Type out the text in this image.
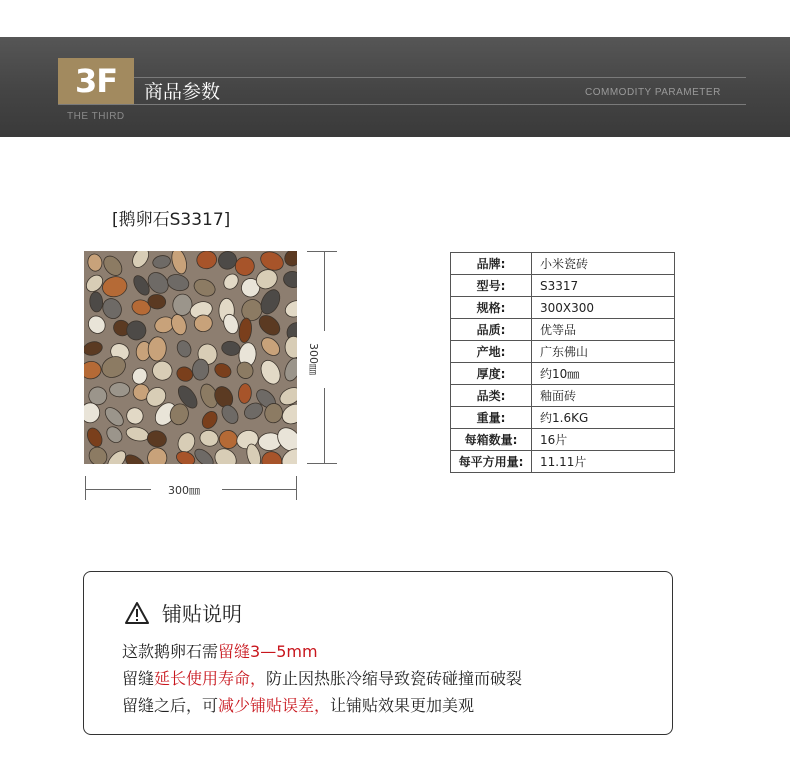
3F	商品参数	COMMODITY PARAMETER
THE THIRD
[鹅卵石S3317]
300㎜
300㎜
品牌:	小米瓷砖
型号:	S3317
规格:	300X300
品质:	优等品
产地:	广东佛山
厚度:	约10㎜
品类:	釉面砖
重量:	约1.6KG
每箱数量:	16片
每平方用量:	11.11片
铺贴说明
这款鹅卵石需留缝3—5mm
留缝延长使用寿命，防止因热胀冷缩导致瓷砖碰撞而破裂
留缝之后，可减少铺贴误差，让铺贴效果更加美观
